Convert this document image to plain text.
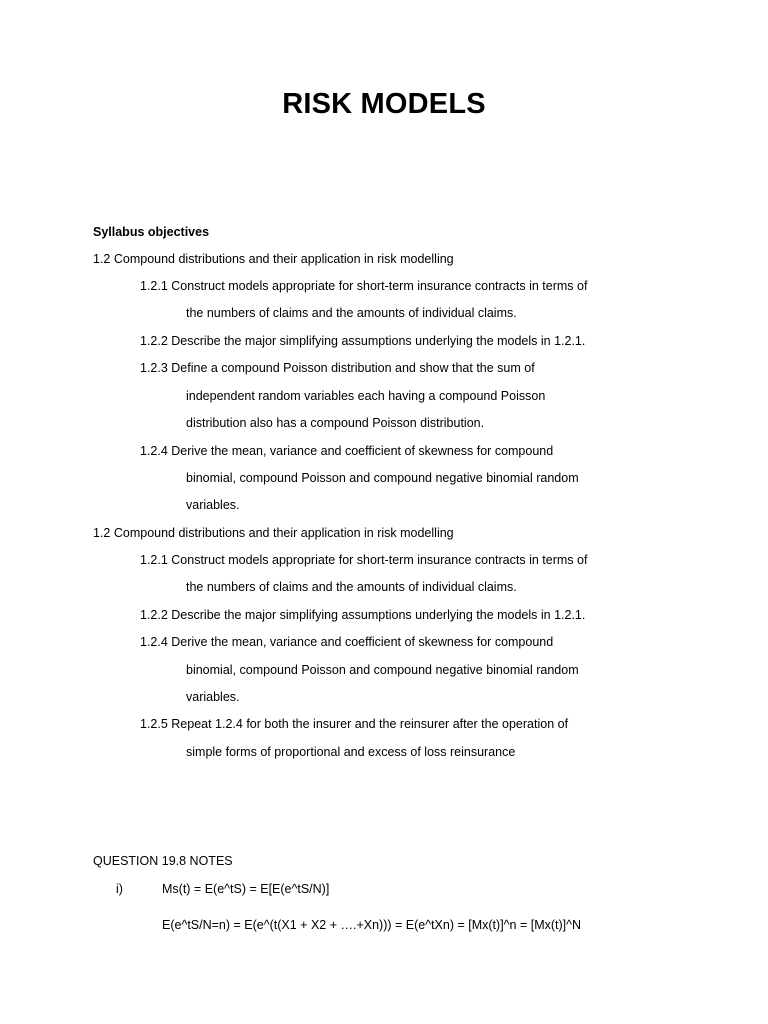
RISK MODELS
Syllabus objectives
1.2 Compound distributions and their application in risk modelling
1.2.1 Construct models appropriate for short-term insurance contracts in terms of
the numbers of claims and the amounts of individual claims.
1.2.2 Describe the major simplifying assumptions underlying the models in 1.2.1.
1.2.3 Define a compound Poisson distribution and show that the sum of
independent random variables each having a compound Poisson
distribution also has a compound Poisson distribution.
1.2.4 Derive the mean, variance and coefficient of skewness for compound
binomial, compound Poisson and compound negative binomial random
variables.
1.2 Compound distributions and their application in risk modelling
1.2.1 Construct models appropriate for short-term insurance contracts in terms of
the numbers of claims and the amounts of individual claims.
1.2.2 Describe the major simplifying assumptions underlying the models in 1.2.1.
1.2.4 Derive the mean, variance and coefficient of skewness for compound
binomial, compound Poisson and compound negative binomial random
variables.
1.2.5 Repeat 1.2.4 for both the insurer and the reinsurer after the operation of
simple forms of proportional and excess of loss reinsurance
QUESTION 19.8 NOTES
i)	Ms(t) = E(e^tS) = E[E(e^tS/N)]
E(e^tS/N=n) = E(e^(t(X1 + X2 + ….+Xn))) = E(e^tXn) = [Mx(t)]^n = [Mx(t)]^N
